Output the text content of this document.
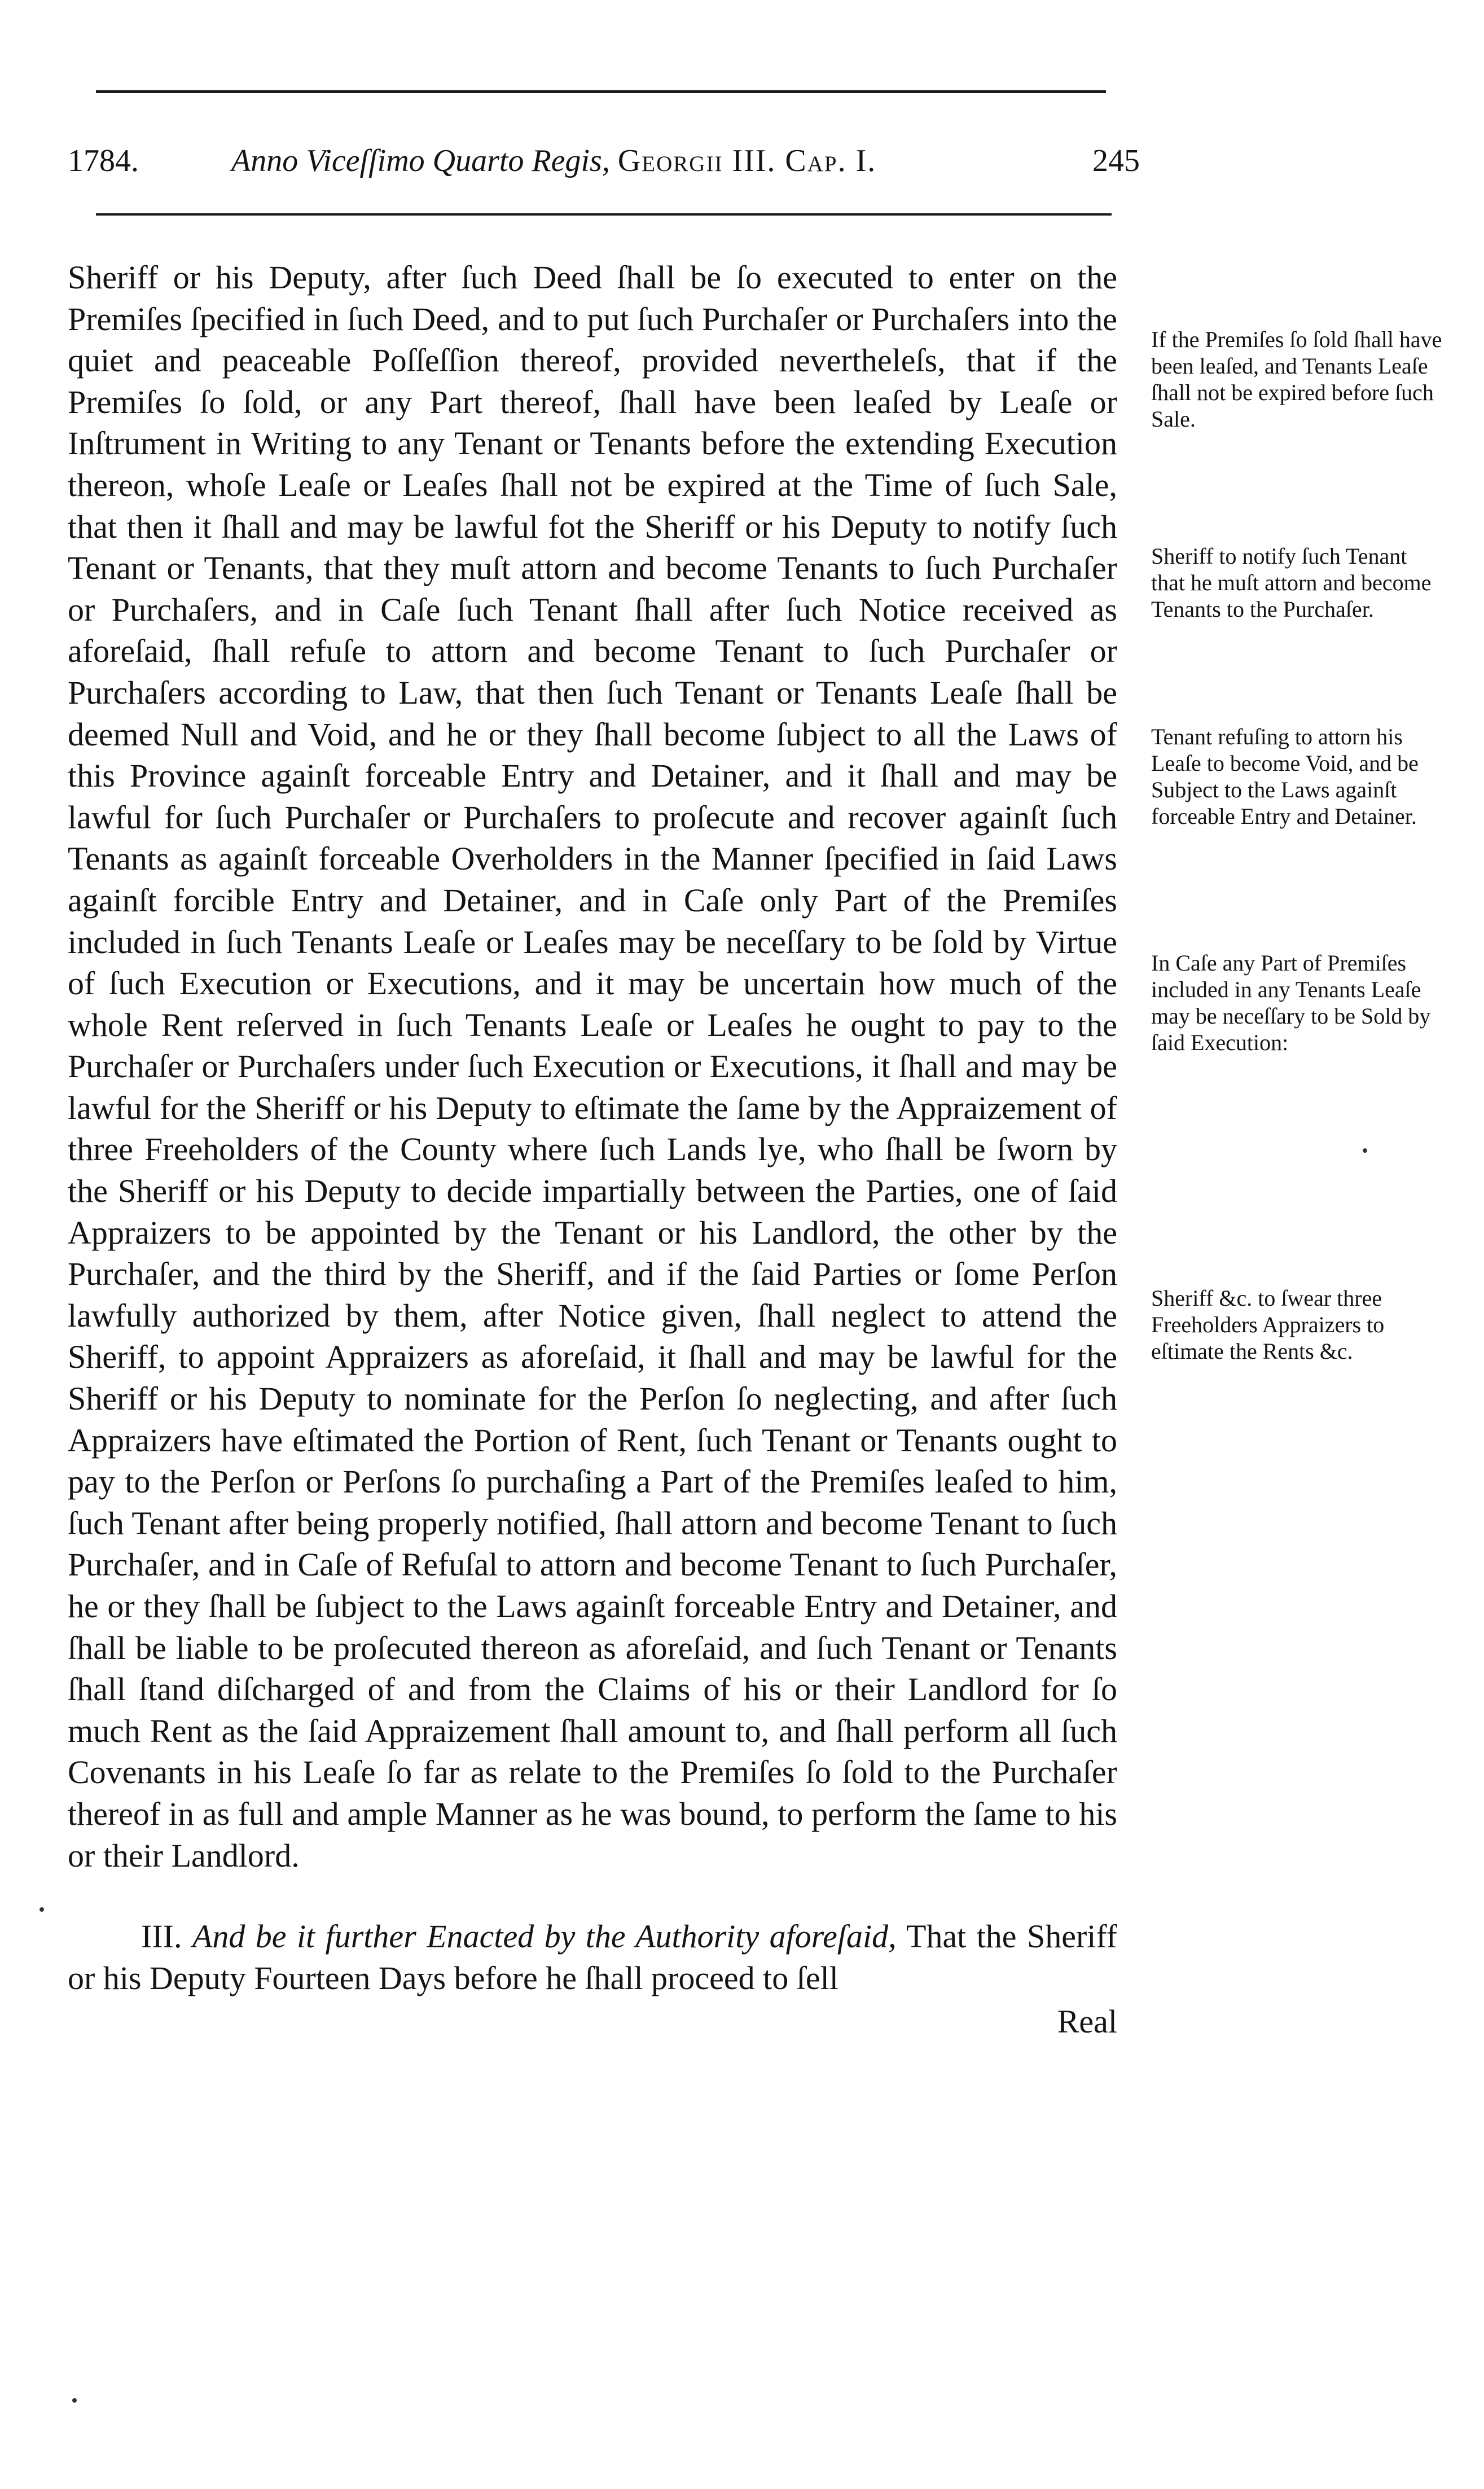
1784.	Anno Viceſſimo Quarto Regis, Georgii III. Cap. I.	245

Sheriff or his Deputy, after ſuch Deed ſhall be ſo executed to enter on the Premiſes ſpecified in ſuch Deed, and to put ſuch Purchaſer or Purchaſers into the quiet and peaceable Poſſeſſion thereof, provided nevertheleſs, that if the Premiſes ſo ſold, or any Part thereof, ſhall have been leaſed by Leaſe or Inſtrument in Writing to any Tenant or Tenants before the extending Execution thereon, whoſe Leaſe or Leaſes ſhall not be expired at the Time of ſuch Sale, that then it ſhall and may be lawful fot the Sheriff or his Deputy to notify ſuch Tenant or Tenants, that they muſt attorn and become Tenants to ſuch Purchaſer or Purchaſers, and in Caſe ſuch Tenant ſhall after ſuch Notice received as aforeſaid, ſhall refuſe to attorn and become Tenant to ſuch Purchaſer or Purchaſers according to Law, that then ſuch Tenant or Tenants Leaſe ſhall be deemed Null and Void, and he or they ſhall become ſubject to all the Laws of this Province againſt forceable Entry and Detainer, and it ſhall and may be lawful for ſuch Purchaſer or Purchaſers to proſecute and recover againſt ſuch Tenants as againſt forceable Overholders in the Manner ſpecified in ſaid Laws againſt forcible Entry and Detainer, and in Caſe only Part of the Premiſes included in ſuch Tenants Leaſe or Leaſes may be neceſſary to be ſold by Virtue of ſuch Execution or Executions, and it may be uncertain how much of the whole Rent reſerved in ſuch Tenants Leaſe or Leaſes he ought to pay to the Purchaſer or Purchaſers under ſuch Execution or Executions, it ſhall and may be lawful for the Sheriff or his Deputy to eſtimate the ſame by the Appraizement of three Freeholders of the County where ſuch Lands lye, who ſhall be ſworn by the Sheriff or his Deputy to decide impartially between the Parties, one of ſaid Appraizers to be appointed by the Tenant or his Landlord, the other by the Purchaſer, and the third by the Sheriff, and if the ſaid Parties or ſome Perſon lawfully authorized by them, after Notice given, ſhall neglect to attend the Sheriff, to appoint Appraizers as aforeſaid, it ſhall and may be lawful for the Sheriff or his Deputy to nominate for the Perſon ſo neglecting, and after ſuch Appraizers have eſtimated the Portion of Rent, ſuch Tenant or Tenants ought to pay to the Perſon or Perſons ſo purchaſing a Part of the Premiſes leaſed to him, ſuch Tenant after being properly notified, ſhall attorn and become Tenant to ſuch Purchaſer, and in Caſe of Refuſal to attorn and become Tenant to ſuch Purchaſer, he or they ſhall be ſubject to the Laws againſt forceable Entry and Detainer, and ſhall be liable to be proſecuted thereon as aforeſaid, and ſuch Tenant or Tenants ſhall ſtand diſcharged of and from the Claims of his or their Landlord for ſo much Rent as the ſaid Appraizement ſhall amount to, and ſhall perform all ſuch Covenants in his Leaſe ſo far as relate to the Premiſes ſo ſold to the Purchaſer thereof in as full and ample Manner as he was bound, to perform the ſame to his or their Landlord.

III. And be it further Enacted by the Authority aforeſaid, That the Sheriff or his Deputy Fourteen Days before he ſhall proceed to ſell

Real

If the Premiſes ſo ſold ſhall have been leaſed, and Tenants Leaſe ſhall not be expired before ſuch Sale.
Sheriff to notify ſuch Tenant that he muſt attorn and become Tenants to the Purchaſer.
Tenant refuſing to attorn his Leaſe to become Void, and be Subject to the Laws againſt forceable Entry and Detainer.
In Caſe any Part of Premiſes included in any Tenants Leaſe may be neceſſary to be Sold by ſaid Execution:
Sheriff &c. to ſwear three Freeholders Appraizers to eſtimate the Rents &c.
